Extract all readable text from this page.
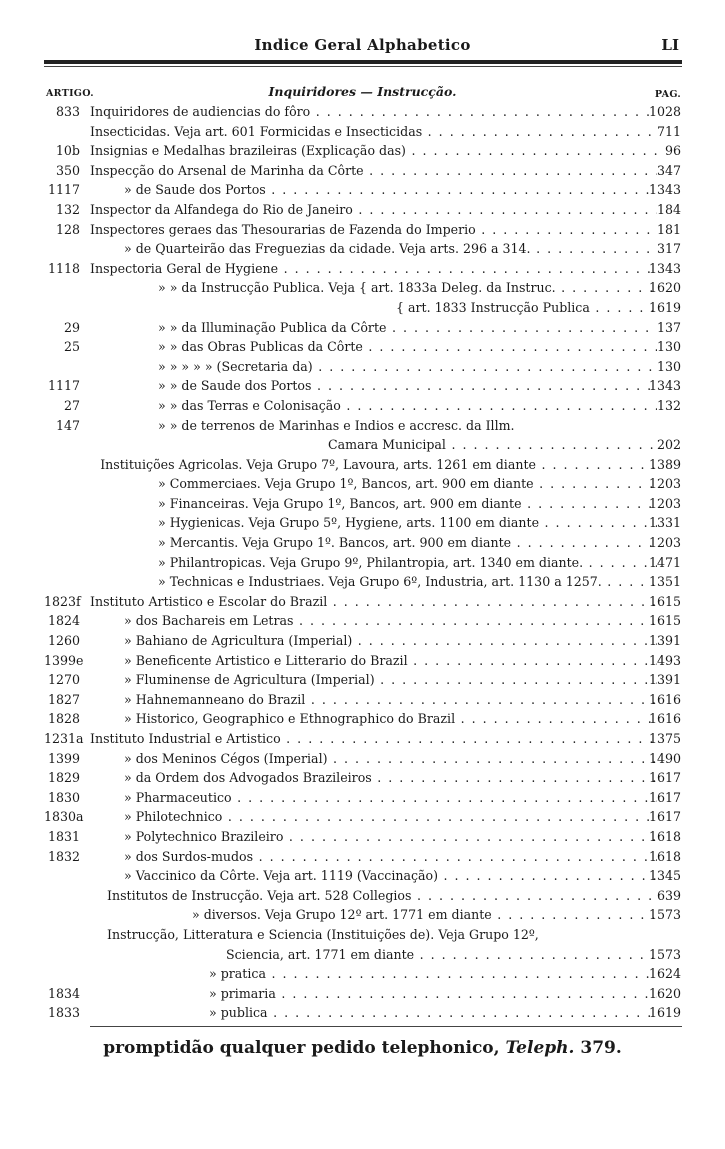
Indice Geral Alphabetico	LI
ARTIGO.	Inquiridores — Instrucção.	PAG.
833 Inquiridores de audiencias do fôro . . .	1028
Insecticidas. Veja art. 601 Formicidas e Insecticidas . . .	711
10b Insignias e Medalhas brazileiras (Explicação das) . . .	96
350 Inspecção do Arsenal de Marinha da Côrte . . .	347
1117	» de Saude dos Portos . . .	1343
132 Inspector da Alfandega do Rio de Janeiro . . .	184
128 Inspectores geraes das Thesourarias de Fazenda do Imperio . . .	181
» de Quarteirão das Freguezias da cidade. Veja arts. 296 a 314. . . .	317
1118 Inspectoria Geral de Hygiene . . .	1343
» » da Instrucção Publica. Veja { art. 1833a Deleg. da Instruc. . . .	1620
{ art. 1833 Instrucção Publica . . .	1619
29	» » da Illuminação Publica da Côrte . . .	137
25	» » das Obras Publicas da Côrte . . .	130
» » » » » (Secretaria da) . . .	130
1117	» » de Saude dos Portos . . .	1343
27	» » das Terras e Colonisação . . .	132
147	» » de terrenos de Marinhas e Indios e accresc. da Illm.
Camara Municipal . . .	202
Instituições Agricolas. Veja Grupo 7º, Lavoura, arts. 1261 em diante . . .	1389
» Commerciaes. Veja Grupo 1º, Bancos, art. 900 em diante . . .	1203
» Financeiras. Veja Grupo 1º, Bancos, art. 900 em diante . . .	1203
» Hygienicas. Veja Grupo 5º, Hygiene, arts. 1100 em diante . . .	1331
» Mercantis. Veja Grupo 1º. Bancos, art. 900 em diante . . .	1203
» Philantropicas. Veja Grupo 9º, Philantropia, art. 1340 em diante. . . .	1471
» Technicas e Industriaes. Veja Grupo 6º, Industria, art. 1130 a 1257. . . .	1351
1823f Instituto Artistico e Escolar do Brazil . . .	1615
1824	» dos Bachareis em Letras . . .	1615
1260	» Bahiano de Agricultura (Imperial) . . .	1391
1399e	» Beneficente Artistico e Litterario do Brazil . . .	1493
1270	» Fluminense de Agricultura (Imperial) . . .	1391
1827	» Hahnemanneano do Brazil . . .	1616
1828	» Historico, Geographico e Ethnographico do Brazil . . .	1616
1231a Instituto Industrial e Artistico . . .	1375
1399	» dos Meninos Cégos (Imperial) . . .	1490
1829	» da Ordem dos Advogados Brazileiros . . .	1617
1830	» Pharmaceutico . . .	1617
1830a	» Philotechnico . . .	1617
1831	» Polytechnico Brazileiro . . .	1618
1832	» dos Surdos-mudos . . .	1618
» Vaccinico da Côrte. Veja art. 1119 (Vaccinação) . . .	1345
Institutos de Instrucção. Veja art. 528 Collegios . . .	639
» diversos. Veja Grupo 12º art. 1771 em diante . . .	1573
Instrucção, Litteratura e Sciencia (Instituições de). Veja Grupo 12º,
Sciencia, art. 1771 em diante . . .	1573
» pratica . . .	1624
1834	» primaria . . .	1620
1833	» publica . . .	1619
promptidão qualquer pedido telephonico, Teleph. 379.
